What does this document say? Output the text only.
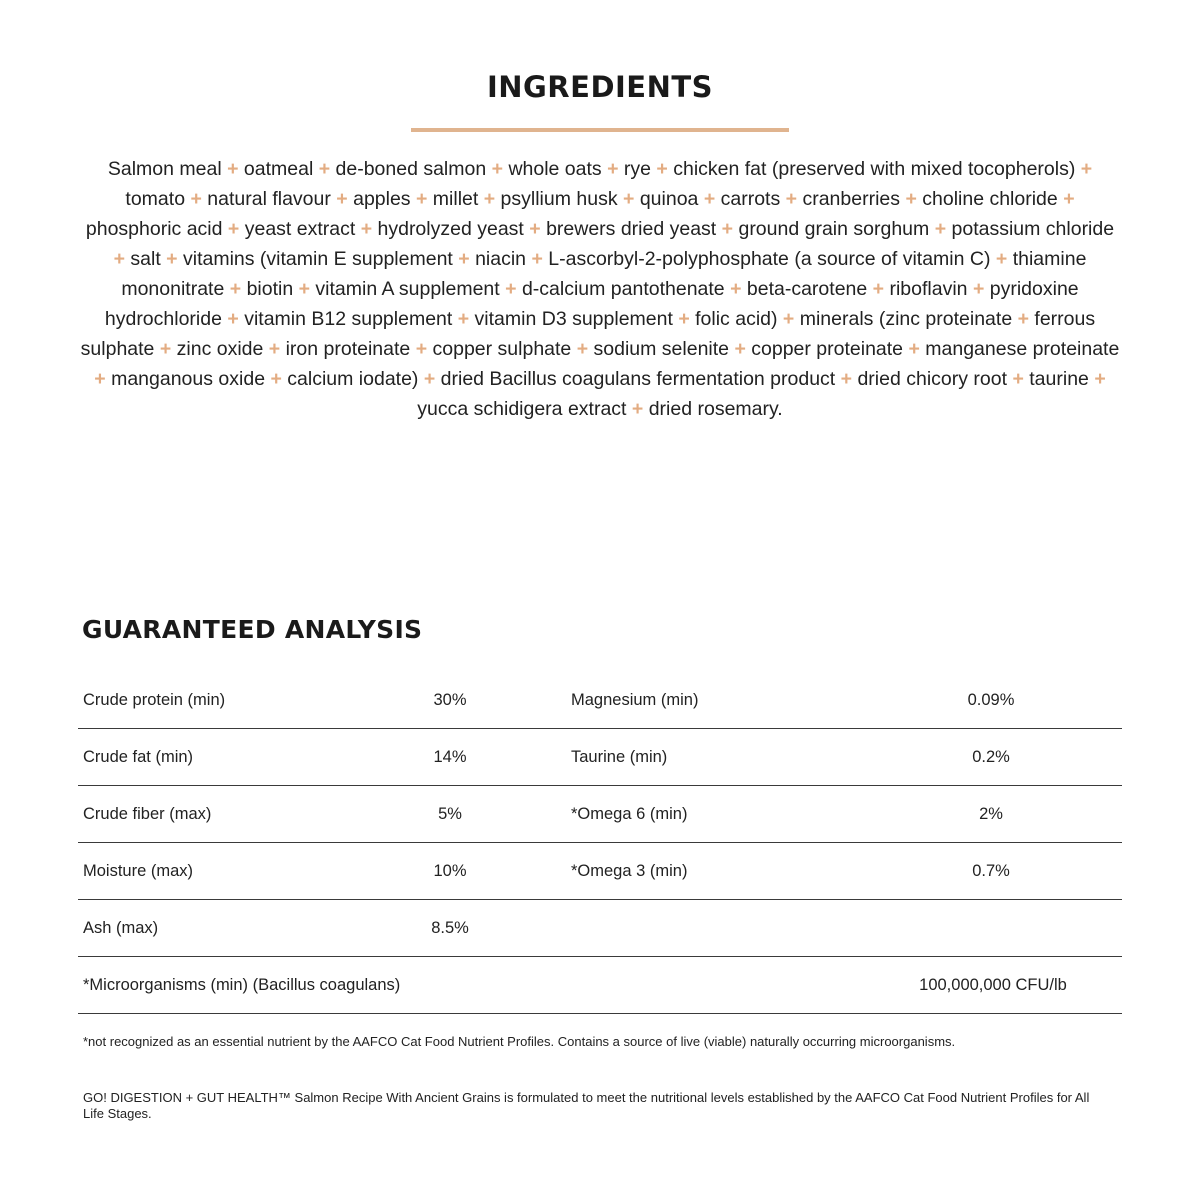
INGREDIENTS

Salmon meal + oatmeal + de-boned salmon + whole oats + rye + chicken fat (preserved with mixed tocopherols) + tomato + natural flavour + apples + millet + psyllium husk + quinoa + carrots + cranberries + choline chloride + phosphoric acid + yeast extract + hydrolyzed yeast + brewers dried yeast + ground grain sorghum + potassium chloride + salt + vitamins (vitamin E supplement + niacin + L-ascorbyl-2-polyphosphate (a source of vitamin C) + thiamine mononitrate + biotin + vitamin A supplement + d-calcium pantothenate + beta-carotene + riboflavin + pyridoxine hydrochloride + vitamin B12 supplement + vitamin D3 supplement + folic acid) + minerals (zinc proteinate + ferrous sulphate + zinc oxide + iron proteinate + copper sulphate + sodium selenite + copper proteinate + manganese proteinate + manganous oxide + calcium iodate) + dried Bacillus coagulans fermentation product + dried chicory root + taurine + yucca schidigera extract + dried rosemary.

GUARANTEED ANALYSIS
Crude protein (min)	30%	Magnesium (min)	0.09%
Crude fat (min)	14%	Taurine (min)	0.2%
Crude fiber (max)	5%	*Omega 6 (min)	2%
Moisture (max)	10%	*Omega 3 (min)	0.7%
Ash (max)	8.5%
*Microorganisms (min) (Bacillus coagulans)	100,000,000 CFU/lb

*not recognized as an essential nutrient by the AAFCO Cat Food Nutrient Profiles. Contains a source of live (viable) naturally occurring microorganisms.

GO! DIGESTION + GUT HEALTH™ Salmon Recipe With Ancient Grains is formulated to meet the nutritional levels established by the AAFCO Cat Food Nutrient Profiles for All Life Stages.
